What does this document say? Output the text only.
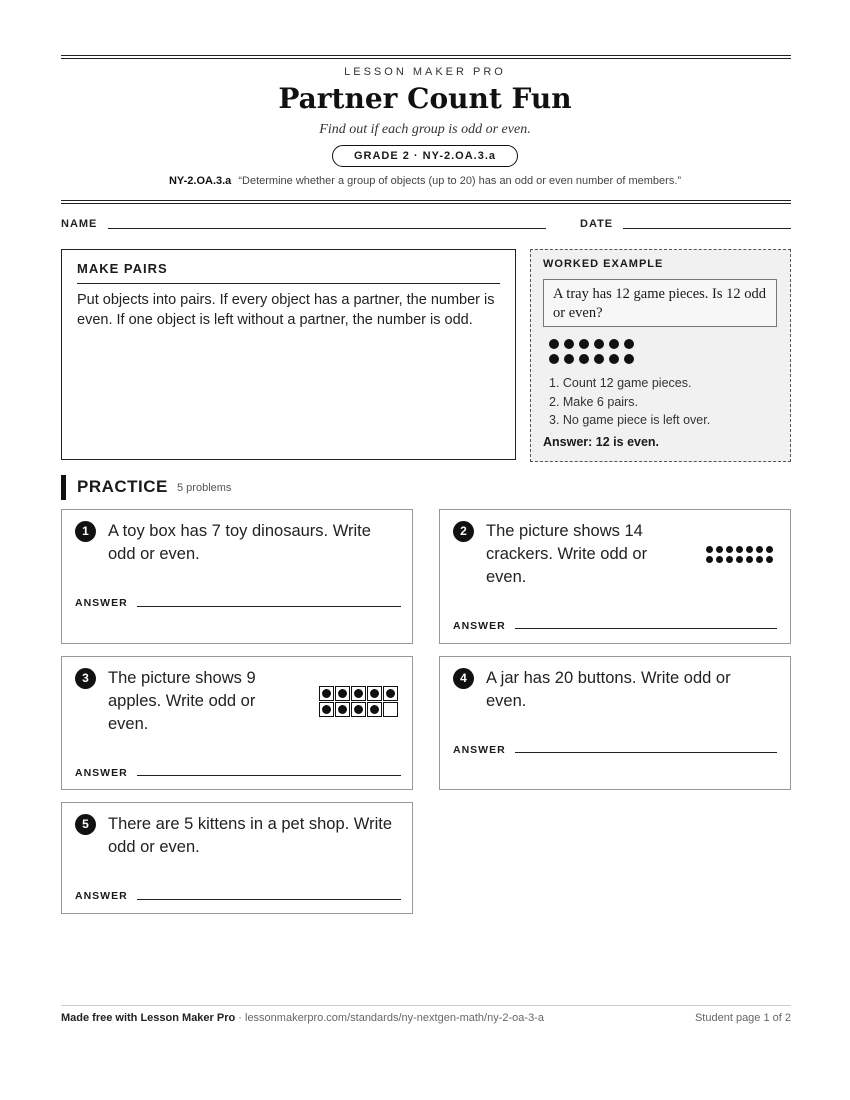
LESSON MAKER PRO
Partner Count Fun
Find out if each group is odd or even.
GRADE 2 · NY-2.OA.3.a
NY-2.OA.3.a “Determine whether a group of objects (up to 20) has an odd or even number of members.”
NAME	DATE
MAKE PAIRS
Put objects into pairs. If every object has a partner, the number is even. If one object is left without a partner, the number is odd.
WORKED EXAMPLE
A tray has 12 game pieces. Is 12 odd or even?
1. Count 12 game pieces.
2. Make 6 pairs.
3. No game piece is left over.
Answer: 12 is even.
PRACTICE 5 problems
1	A toy box has 7 toy dinosaurs. Write odd or even.
ANSWER
2	The picture shows 14 crackers. Write odd or even.
ANSWER
3	The picture shows 9 apples. Write odd or even.
ANSWER
4	A jar has 20 buttons. Write odd or even.
ANSWER
5	There are 5 kittens in a pet shop. Write odd or even.
ANSWER
Made free with Lesson Maker Pro · lessonmakerpro.com/standards/ny-nextgen-math/ny-2-oa-3-a	Student page 1 of 2
